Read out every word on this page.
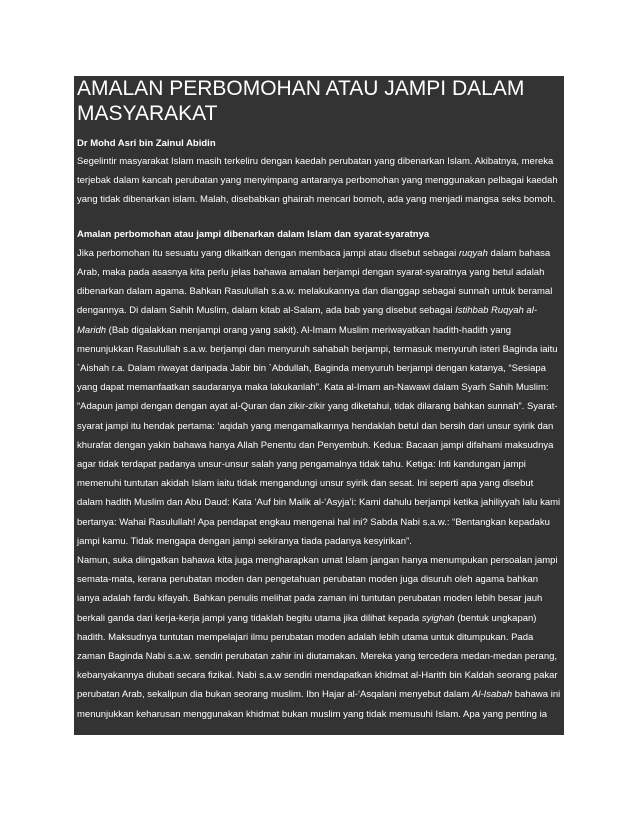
AMALAN PERBOMOHAN ATAU JAMPI DALAM MASYARAKAT

Dr Mohd Asri bin Zainul Abidin

Segelintir masyarakat Islam masih terkeliru dengan kaedah perubatan yang dibenarkan Islam. Akibatnya, mereka terjebak dalam kancah perubatan yang menyimpang antaranya perbomohan yang menggunakan pelbagai kaedah yang tidak dibenarkan islam. Malah, disebabkan ghairah mencari bomoh, ada yang menjadi mangsa seks bomoh.

Amalan perbomohan atau jampi dibenarkan dalam Islam dan syarat-syaratnya

Jika perbomohan itu sesuatu yang dikaitkan dengan membaca jampi atau disebut sebagai ruqyah dalam bahasa Arab, maka pada asasnya kita perlu jelas bahawa amalan berjampi dengan syarat-syaratnya yang betul adalah dibenarkan dalam agama. Bahkan Rasulullah s.a.w. melakukannya dan dianggap sebagai sunnah untuk beramal dengannya. Di dalam Sahih Muslim, dalam kitab al-Salam, ada bab yang disebut sebagai Istihbab Ruqyah al-Maridh (Bab digalakkan menjampi orang yang sakit). Al-Imam Muslim meriwayatkan hadith-hadith yang menunjukkan Rasulullah s.a.w. berjampi dan menyuruh sahabah berjampi, termasuk menyuruh isteri Baginda iaitu `Aishah r.a. Dalam riwayat daripada Jabir bin `Abdullah, Baginda menyuruh berjampi dengan katanya, “Sesiapa yang dapat memanfaatkan saudaranya maka lakukanlah”. Kata al-Imam an-Nawawi dalam Syarh Sahih Muslim: “Adapun jampi dengan dengan ayat al-Quran dan zikir-zikir yang diketahui, tidak dilarang bahkan sunnah”. Syarat-syarat jampi itu hendak pertama: ‘aqidah yang mengamalkannya hendaklah betul dan bersih dari unsur syirik dan khurafat dengan yakin bahawa hanya Allah Penentu dan Penyembuh. Kedua: Bacaan jampi difahami maksudnya agar tidak terdapat padanya unsur-unsur salah yang pengamalnya tidak tahu. Ketiga: Inti kandungan jampi memenuhi tuntutan akidah Islam iaitu tidak mengandungi unsur syirik dan sesat. Ini seperti apa yang disebut dalam hadith Muslim dan Abu Daud: Kata ‘Auf bin Malik al-‘Asyja’i: Kami dahulu berjampi ketika jahiliyyah lalu kami bertanya: Wahai Rasulullah! Apa pendapat engkau mengenai hal ini? Sabda Nabi s.a.w.: “Bentangkan kepadaku jampi kamu. Tidak mengapa dengan jampi sekiranya tiada padanya kesyirikan”.

Namun, suka diingatkan bahawa kita juga mengharapkan umat Islam jangan hanya menumpukan persoalan jampi semata-mata, kerana perubatan moden dan pengetahuan perubatan moden juga disuruh oleh agama bahkan ianya adalah fardu kifayah. Bahkan penulis melihat pada zaman ini tuntutan perubatan moden lebih besar jauh berkali ganda dari kerja-kerja jampi yang tidaklah begitu utama jika dilihat kepada syighah (bentuk ungkapan) hadith. Maksudnya tuntutan mempelajari ilmu perubatan moden adalah lebih utama untuk ditumpukan. Pada zaman Baginda Nabi s.a.w. sendiri perubatan zahir ini diutamakan. Mereka yang tercedera medan-medan perang, kebanyakannya diubati secara fizikal. Nabi s.a.w sendiri mendapatkan khidmat al-Harith bin Kaldah seorang pakar perubatan Arab, sekalipun dia bukan seorang muslim. Ibn Hajar al-‘Asqalani menyebut dalam Al-Isabah bahawa ini menunjukkan keharusan menggunakan khidmat bukan muslim yang tidak memusuhi Islam. Apa yang penting ia
